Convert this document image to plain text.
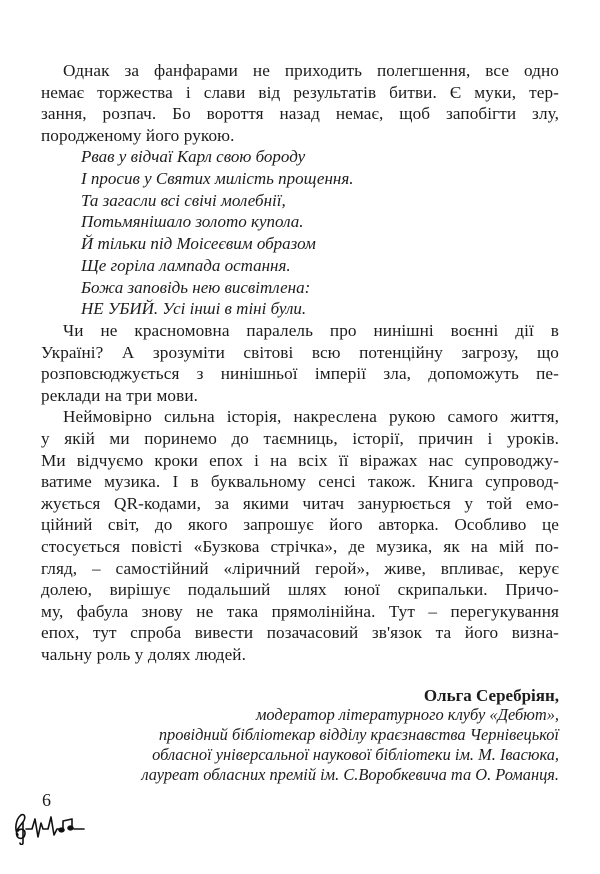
Однак за фанфарами не приходить полегшення, все одно
немає торжества і слави від результатів битви. Є муки, тер-
зання, розпач. Бо вороття назад немає, щоб запобігти злу,
породженому його рукою.
Рвав у відчаї Карл свою бороду
І просив у Святих милість прощення.
Та загасли всі свічі молебнії,
Потьмянішало золото купола.
Й тільки під Моісеєвим образом
Ще горіла лампада остання.
Божа заповідь нею висвітлена:
НЕ УБИЙ. Усі інші в тіні були.
Чи не красномовна паралель про нинішні воєнні дії в
Україні? А зрозуміти світові всю потенційну загрозу, що
розповсюджується з нинішньої імперії зла, допоможуть пе-
реклади на три мови.
Неймовірно сильна історія, накреслена рукою самого життя,
у якій ми поринемо до таємниць, історії, причин і уроків.
Ми відчуємо кроки епох і на всіх її віражах нас супроводжу-
ватиме музика. І в буквальному сенсі також. Книга супровод-
жується QR-кодами, за якими читач занурюється у той емо-
ційний світ, до якого запрошує його авторка. Особливо це
стосується повісті «Бузкова стрічка», де музика, як на мій по-
гляд, – самостійний «ліричний герой», живе, впливає, керує
долею, вирішує подальший шлях юної скрипальки. Причо-
му, фабула знову не така прямолінійна. Тут – перегукування
епох, тут спроба вивести позачасовий зв'язок та його визна-
чальну роль у долях людей.
Ольга Серебріян,
модератор літературного клубу «Дебют»,
провідний бібліотекар відділу краєзнавства Чернівецької
обласної універсальної наукової бібліотеки ім. М. Івасюка,
лауреат обласних премій ім. С.Воробкевича та О. Романця.
6
